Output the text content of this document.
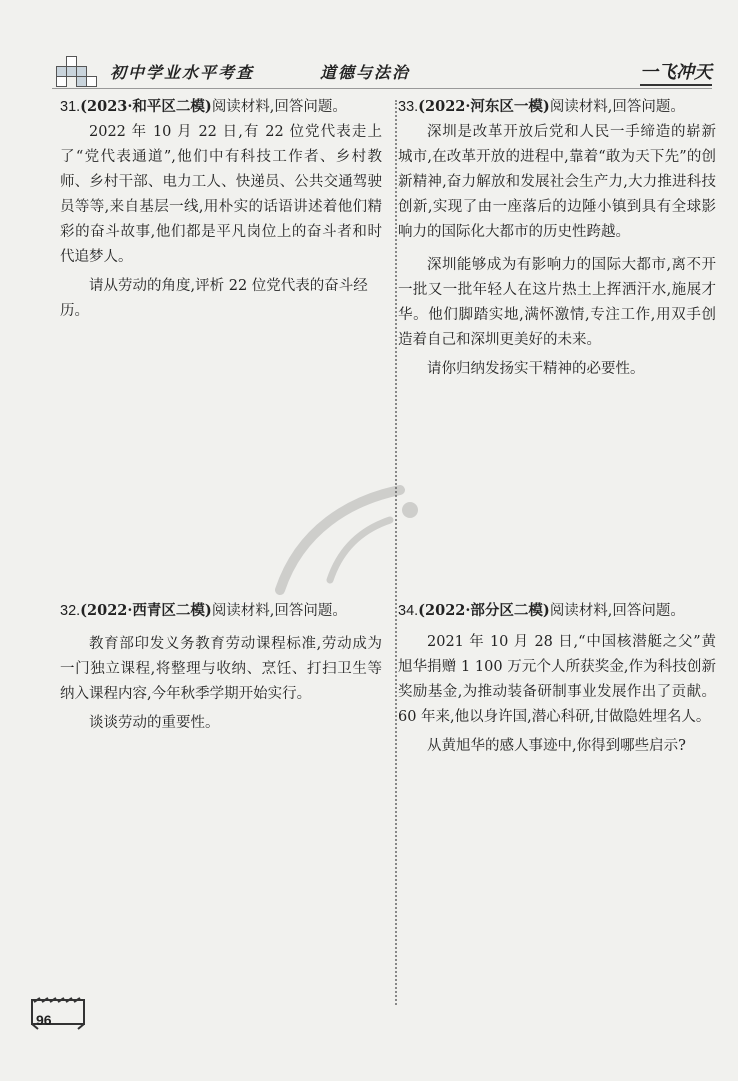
初中学业水平考查	道德与法治	一飞冲天
31.(2023·和平区二模)阅读材料,回答问题。

2022 年 10 月 22 日,有 22 位党代表走上了“党代表通道”,他们中有科技工作者、乡村教师、乡村干部、电力工人、快递员、公共交通驾驶员等等,来自基层一线,用朴实的话语讲述着他们精彩的奋斗故事,他们都是平凡岗位上的奋斗者和时代追梦人。

请从劳动的角度,评析 22 位党代表的奋斗经历。

33.(2022·河东区一模)阅读材料,回答问题。

深圳是改革开放后党和人民一手缔造的崭新城市,在改革开放的进程中,靠着“敢为天下先”的创新精神,奋力解放和发展社会生产力,大力推进科技创新,实现了由一座落后的边陲小镇到具有全球影响力的国际化大都市的历史性跨越。

深圳能够成为有影响力的国际大都市,离不开一批又一批年轻人在这片热土上挥洒汗水,施展才华。他们脚踏实地,满怀激情,专注工作,用双手创造着自己和深圳更美好的未来。

请你归纳发扬实干精神的必要性。

32.(2022·西青区二模)阅读材料,回答问题。

教育部印发义务教育劳动课程标准,劳动成为一门独立课程,将整理与收纳、烹饪、打扫卫生等纳入课程内容,今年秋季学期开始实行。

谈谈劳动的重要性。

34.(2022·部分区二模)阅读材料,回答问题。

2021 年 10 月 28 日,“中国核潜艇之父”黄旭华捐赠 1 100 万元个人所获奖金,作为科技创新奖励基金,为推动装备研制事业发展作出了贡献。60 年来,他以身许国,潜心科研,甘做隐姓埋名人。

从黄旭华的感人事迹中,你得到哪些启示?

96
